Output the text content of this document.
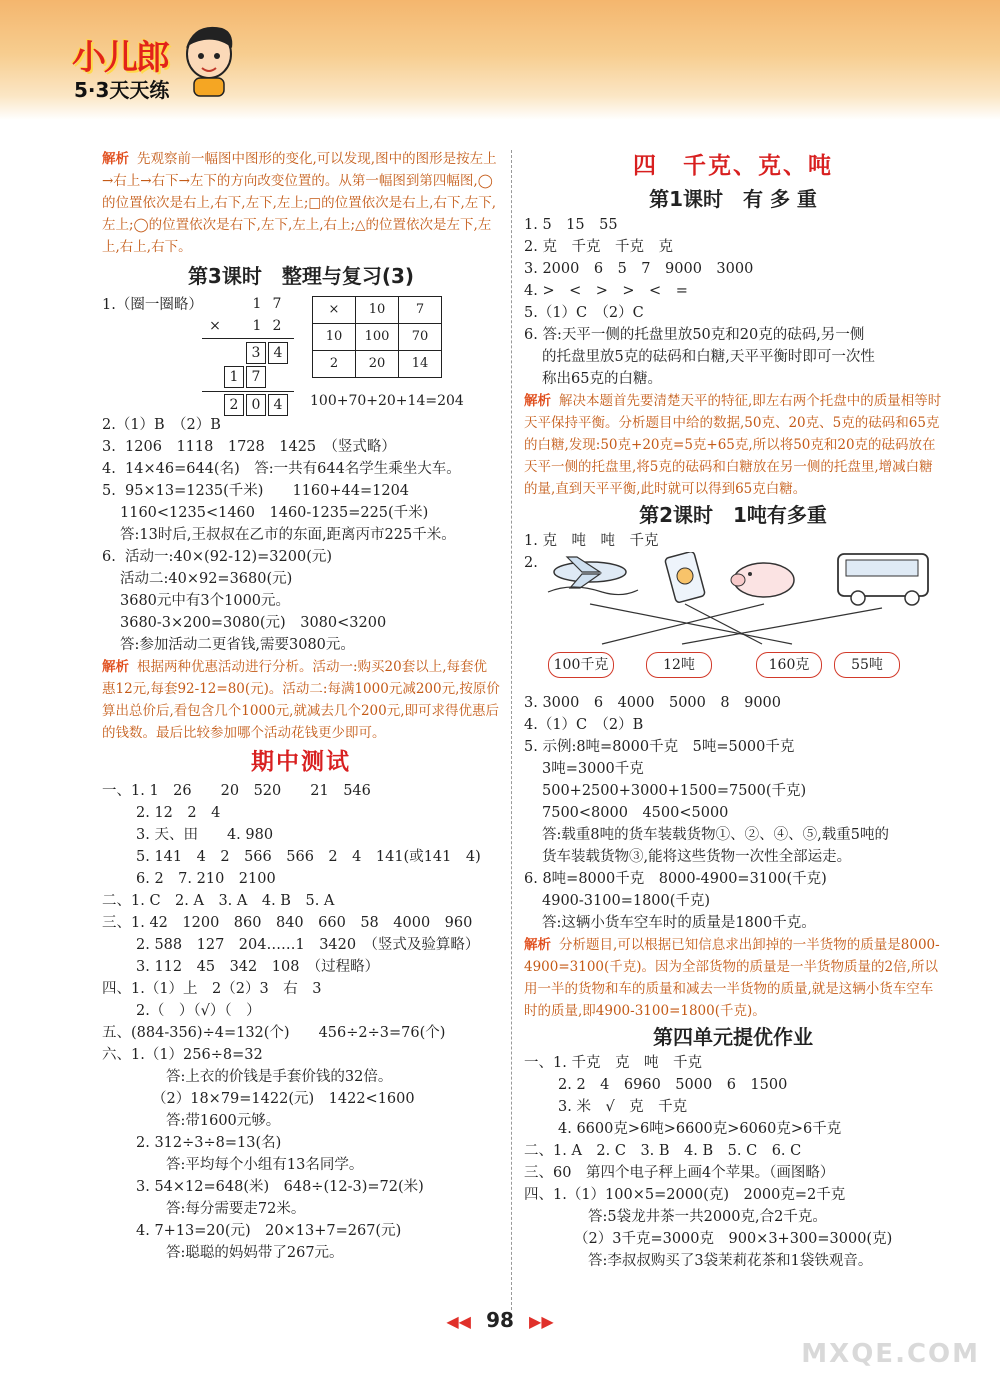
小儿郎
5·3天天练
解析 先观察前一幅图中图形的变化,可以发现,图中的图形是按左上→右上→右下→左下的方向改变位置的。从第一幅图到第四幅图,◯的位置依次是右上,右下,左下,左上;□的位置依次是右上,右下,左下,左上;◯的位置依次是右下,左下,左上,右上;△的位置依次是左下,左上,右上,右下。
第3课时　整理与复习(3)
1.（圈一圈略）	1 7
×	1 2
3 4
1 7
2 0 4
×	10	7
10	100	70
2	20	14
100+70+20+14=204
2.（1）B　（2）B
3.  1206　1118　1728　1425　（竖式略）
4.  14×46=644(名)　答:一共有644名学生乘坐大车。
5.  95×13=1235(千米)　　1160+44=1204
1160<1235<1460　1460-1235=225(千米)
答:13时后,王叔叔在乙市的东面,距离丙市225千米。
6.  活动一:40×(92-12)=3200(元)
活动二:40×92=3680(元)
3680元中有3个1000元。
3680-3×200=3080(元)　3080<3200
答:参加活动二更省钱,需要3080元。
解析 根据两种优惠活动进行分析。活动一:购买20套以上,每套优惠12元,每套92-12=80(元)。活动二:每满1000元减200元,按原价算出总价后,看包含几个1000元,就减去几个200元,即可求得优惠后的钱数。最后比较参加哪个活动花钱更少即可。
期中测试
一、1. 1　26　　20　520　　21　546
2. 12　2　4
3. 天、田　　4. 980
5. 141　4　2　566　566　2　4　141(或141　4)
6. 2　7. 210　2100
二、1. C　2. A　3. A　4. B　5. A
三、1. 42　1200　860　840　660　58　4000　960
2. 588　127　204……1　3420　（竖式及验算略）
3. 112　45　342　108　（过程略）
四、1.（1）上　2（2）3　右　3
2.（　）（√）（　）
五、(884-356)÷4=132(个)　　456÷2÷3=76(个)
六、1.（1）256÷8=32
答:上衣的价钱是手套价钱的32倍。
（2）18×79=1422(元)　1422<1600
答:带1600元够。
2. 312÷3÷8=13(名)
答:平均每个小组有13名同学。
3. 54×12=648(米)　648÷(12-3)=72(米)
答:每分需要走72米。
4. 7+13=20(元)　20×13+7=267(元)
答:聪聪的妈妈带了267元。
四　千克、克、吨
第1课时　有 多 重
1. 5　15　55
2. 克　千克　千克　克
3. 2000　6　5　7　9000　3000
4. >　<　>　>　<　=
5.（1）C　（2）C
6. 答:天平一侧的托盘里放50克和20克的砝码,另一侧
的托盘里放5克的砝码和白糖,天平平衡时即可一次性
称出65克的白糖。
解析 解决本题首先要清楚天平的特征,即左右两个托盘中的质量相等时天平保持平衡。分析题目中给的数据,50克、20克、5克的砝码和65克的白糖,发现:50克+20克=5克+65克,所以将50克和20克的砝码放在天平一侧的托盘里,将5克的砝码和白糖放在另一侧的托盘里,增减白糖的量,直到天平平衡,此时就可以得到65克白糖。
第2课时　1吨有多重
1. 克　吨　吨　千克
2.
100千克	12吨	160克	55吨
3. 3000　6　4000　5000　8　9000
4.（1）C　（2）B
5. 示例:8吨=8000千克　5吨=5000千克
3吨=3000千克
500+2500+3000+1500=7500(千克)
7500<8000　4500<5000
答:载重8吨的货车装载货物①、②、④、⑤,载重5吨的
货车装载货物③,能将这些货物一次性全部运走。
6. 8吨=8000千克　8000-4900=3100(千克)
4900-3100=1800(千克)
答:这辆小货车空车时的质量是1800千克。
解析 分析题目,可以根据已知信息求出卸掉的一半货物的质量是8000-4900=3100(千克)。因为全部货物的质量是一半货物质量的2倍,所以用一半的货物和车的质量和减去一半货物的质量,就是这辆小货车空车时的质量,即4900-3100=1800(千克)。
第四单元提优作业
一、1. 千克　克　吨　千克
2. 2　4　6960　5000　6　1500
3. 米　√　克　千克
4. 6600克>6吨>6600克>6060克>6千克
二、1. A　2. C　3. B　4. B　5. C　6. C
三、60　第四个电子秤上画4个苹果。（画图略）
四、1.（1）100×5=2000(克)　2000克=2千克
答:5袋龙井茶一共2000克,合2千克。
（2）3千克=3000克　900×3+300=3000(克)
答:李叔叔购买了3袋茉莉花茶和1袋铁观音。
◀◀ 98 ▶▶
MXQE.COM
